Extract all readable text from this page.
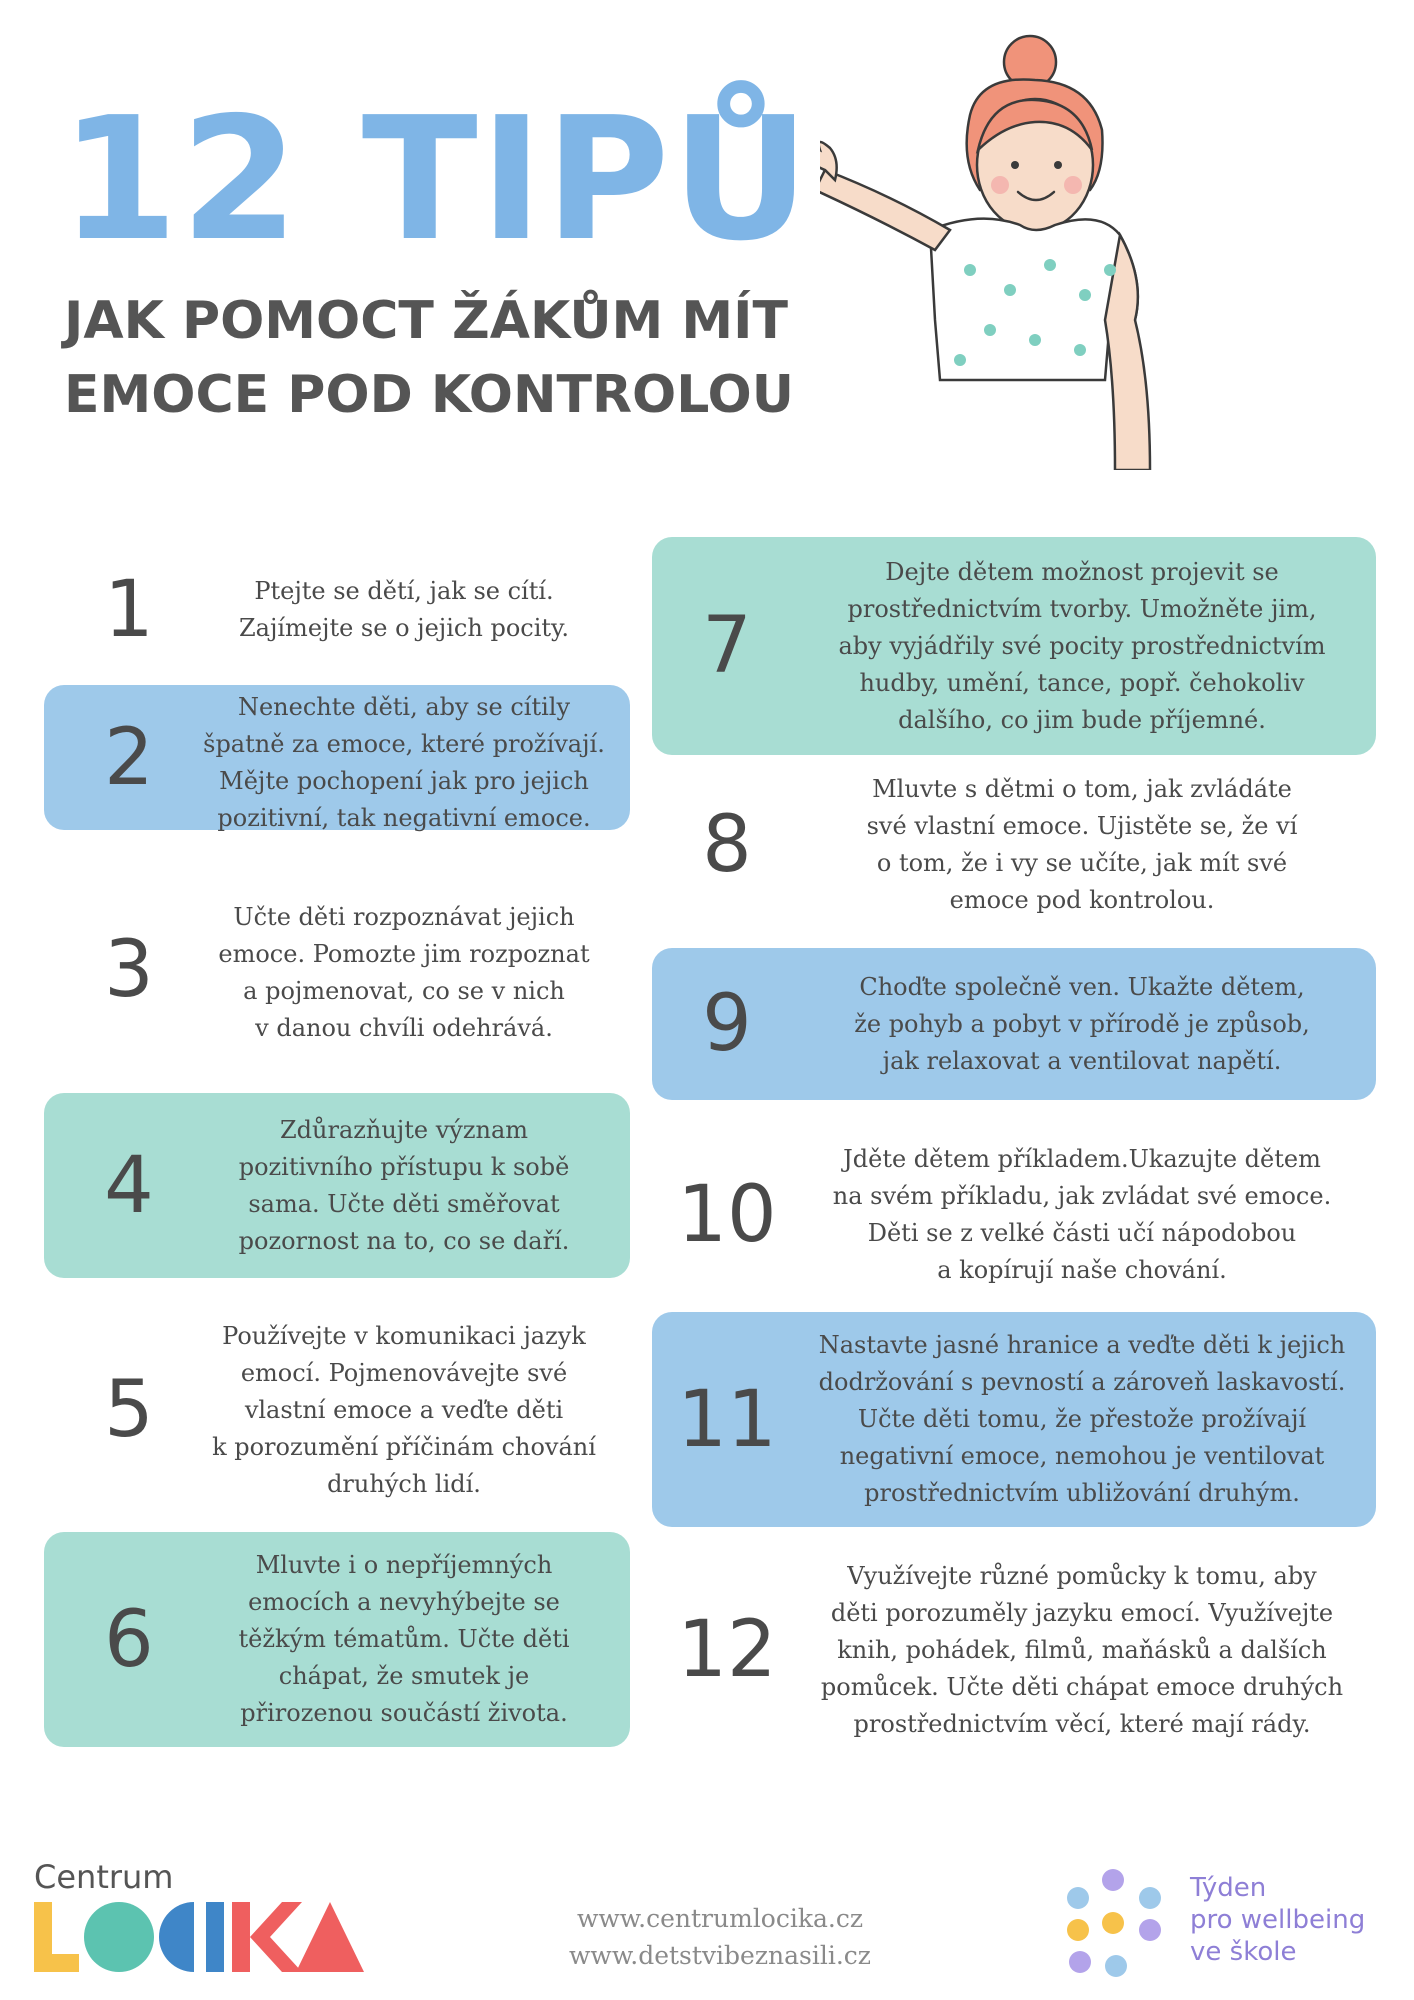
12 TIPŮ
JAK POMOCT ŽÁKŮM MÍT
EMOCE POD KONTROLOU
1	Ptejte se dětí, jak se cítí.
Zajímejte se o jejich pocity.
2
Nenechte děti, aby se cítily
špatně za emoce, které prožívají.
Mějte pochopení jak pro jejich
pozitivní, tak negativní emoce.
3
Učte děti rozpoznávat jejich
emoce. Pomozte jim rozpoznat
a pojmenovat, co se v nich
v danou chvíli odehrává.
4
Zdůrazňujte význam
pozitivního přístupu k sobě
sama. Učte děti směřovat
pozornost na to, co se daří.
5
Používejte v komunikaci jazyk
emocí. Pojmenovávejte své
vlastní emoce a veďte děti
k porozumění příčinám chování
druhých lidí.
6
Mluvte i o nepříjemných
emocích a nevyhýbejte se
těžkým tématům. Učte děti
chápat, že smutek je
přirozenou součástí života.
7
Dejte dětem možnost projevit se
prostřednictvím tvorby. Umožněte jim,
aby vyjádřily své pocity prostřednictvím
hudby, umění, tance, popř. čehokoliv
dalšího, co jim bude příjemné.
8
Mluvte s dětmi o tom, jak zvládáte
své vlastní emoce. Ujistěte se, že ví
o tom, že i vy se učíte, jak mít své
emoce pod kontrolou.
9	Choďte společně ven. Ukažte dětem,
že pohyb a pobyt v přírodě je způsob,
jak relaxovat a ventilovat napětí.
10
Jděte dětem příkladem.Ukazujte dětem
na svém příkladu, jak zvládat své emoce.
Děti se z velké části učí nápodobou
a kopírují naše chování.
11
Nastavte jasné hranice a veďte děti k jejich
dodržování s pevností a zároveň laskavostí.
Učte děti tomu, že přestože prožívají
negativní emoce, nemohou je ventilovat
prostřednictvím ubližování druhým.
12
Využívejte různé pomůcky k tomu, aby
děti porozuměly jazyku emocí. Využívejte
knih, pohádek, filmů, maňásků a dalších
pomůcek. Učte děti chápat emoce druhých
prostřednictvím věcí, které mají rády.
Centrum
www.centrumlocika.cz
www.detstvibeznasili.cz
Týden
pro wellbeing
ve škole
